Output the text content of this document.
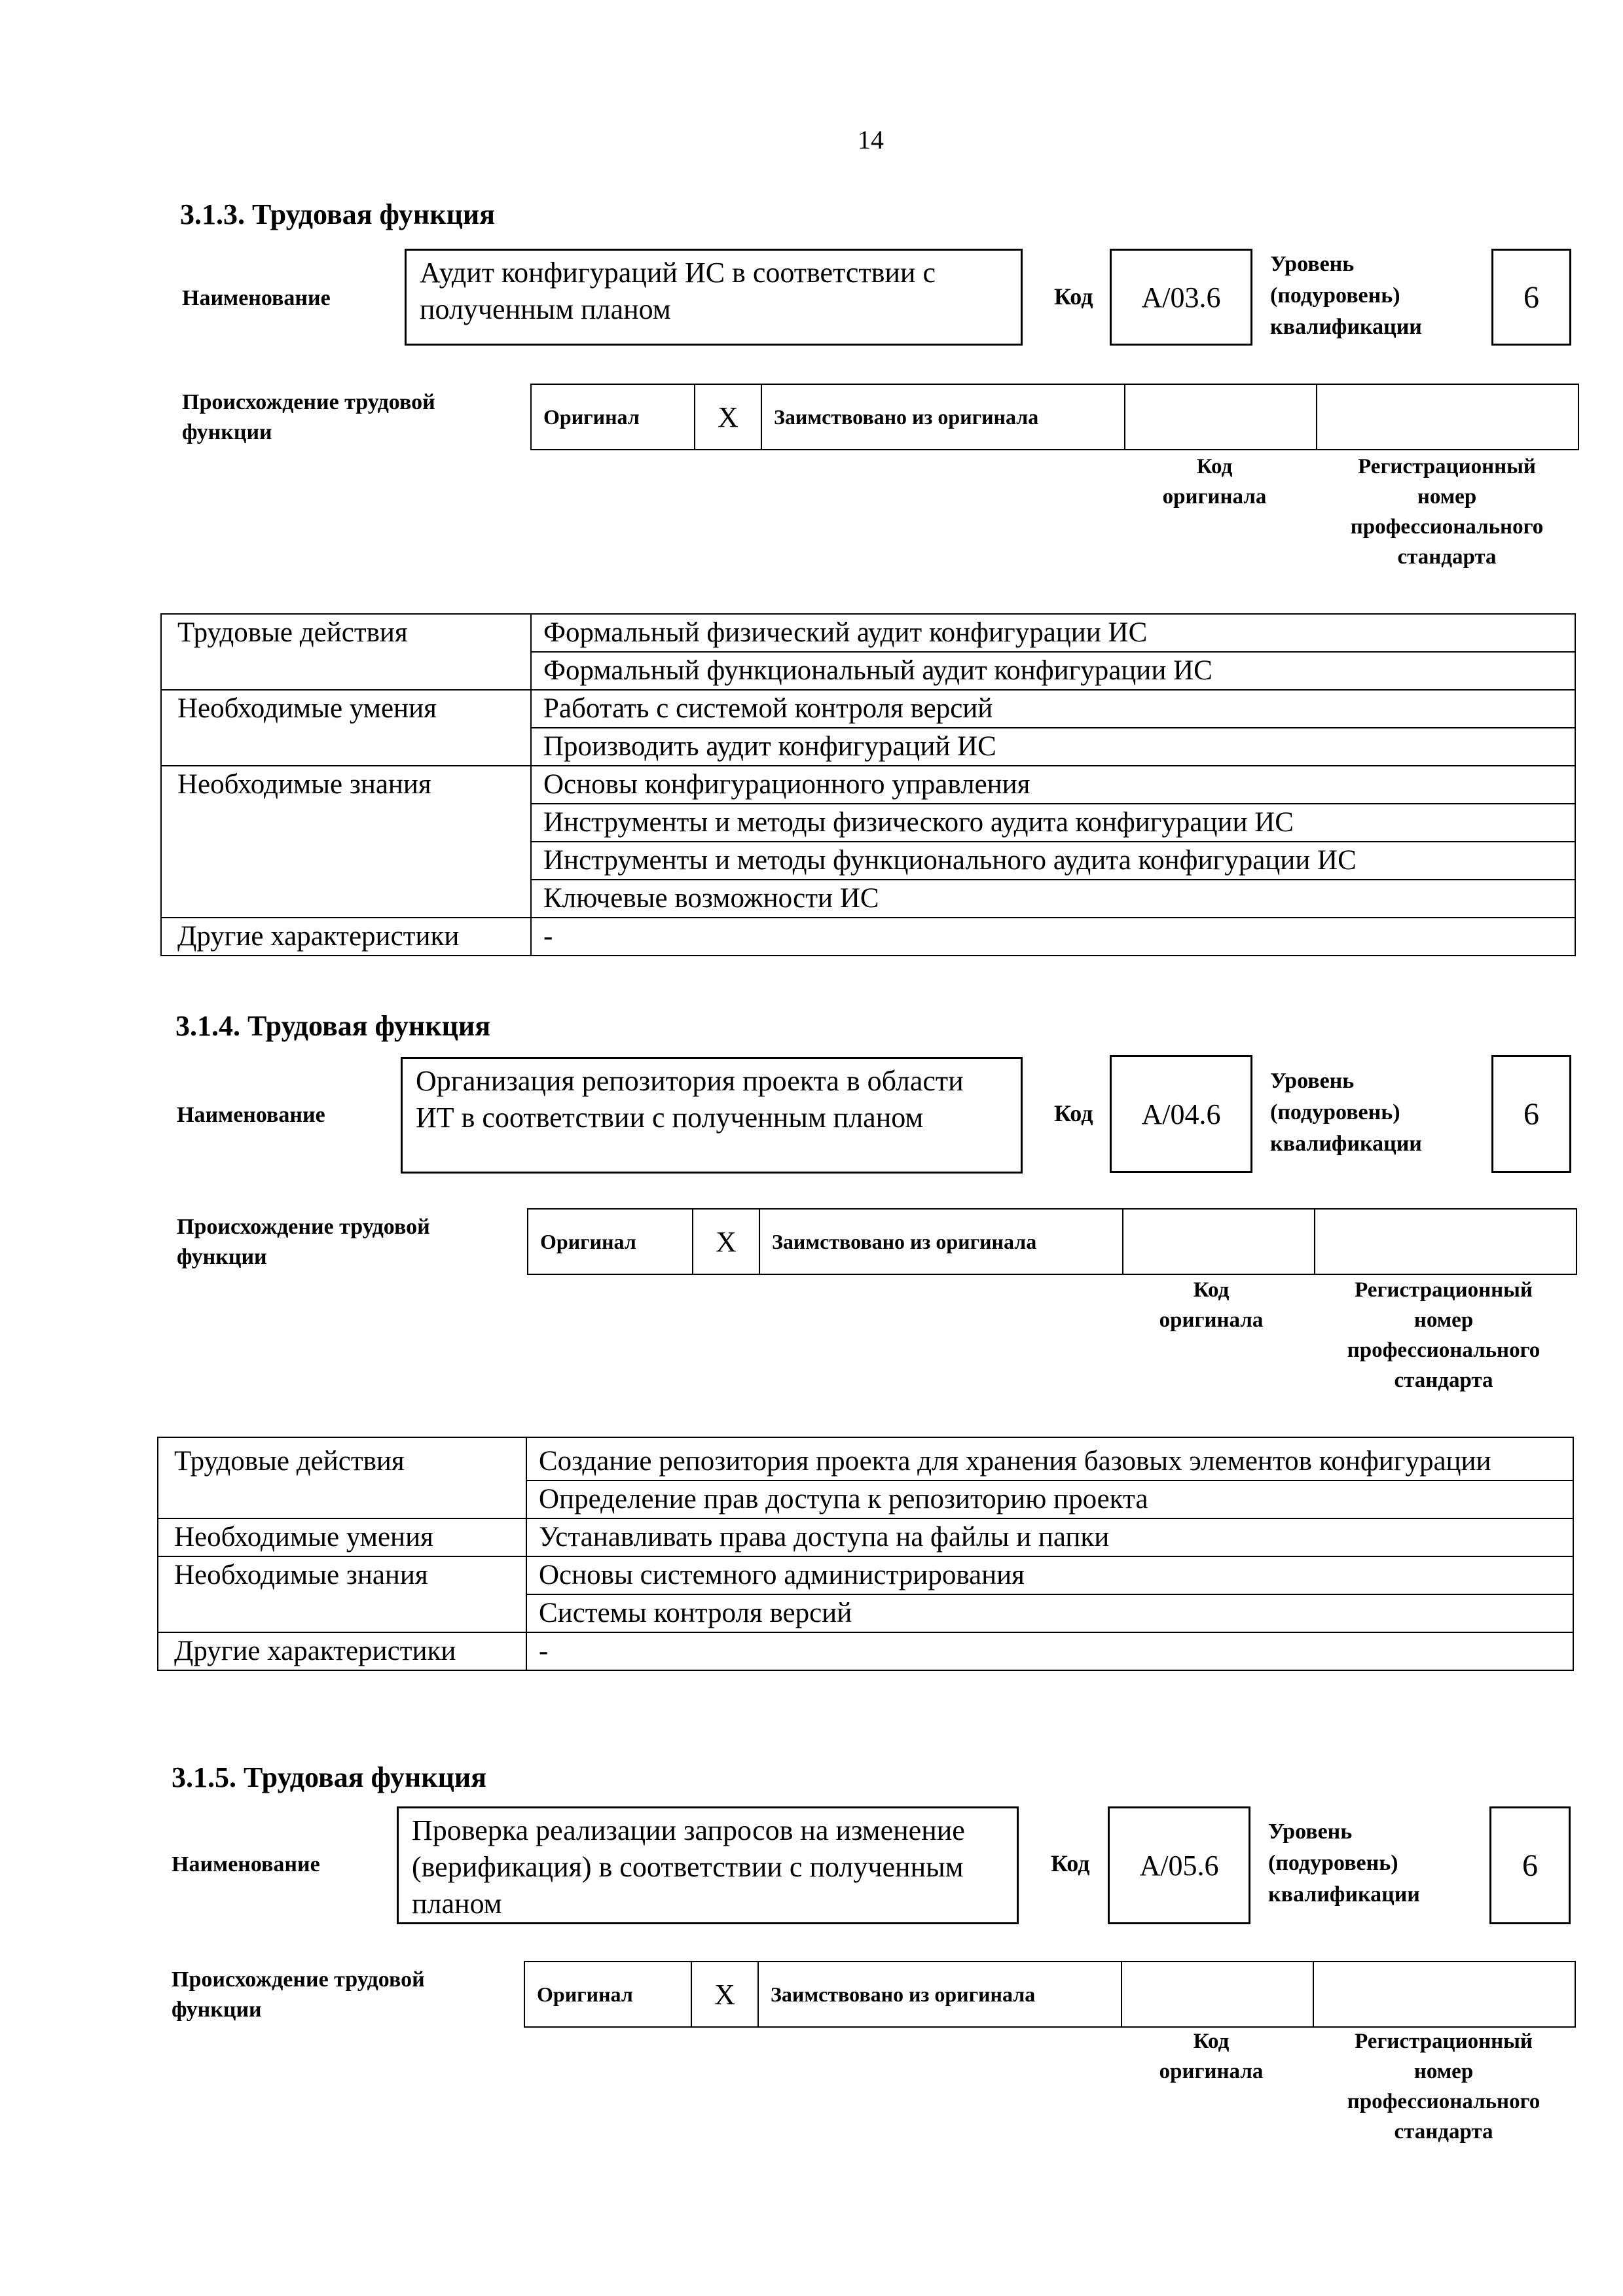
14
3.1.3. Трудовая функция
Наименование
Аудит конфигураций ИС в соответствии с полученным планом	Код	A/03.6
Уровень
(подуровень)
квалификации
6
Происхождение трудовой
функции
Оригинал	X	Заимствовано из оригинала		
Код
оригинала
Регистрационный
номер
профессионального
стандарта
Трудовые действия	Формальный физический аудит конфигурации ИС
	Формальный функциональный аудит конфигурации ИС
Необходимые умения	Работать с системой контроля версий
	Производить аудит конфигураций ИС
Необходимые знания	Основы конфигурационного управления
	Инструменты и методы физического аудита конфигурации ИС
	Инструменты и методы функционального аудита конфигурации ИС
	Ключевые возможности ИС
Другие характеристики	-
3.1.4. Трудовая функция
Наименование
Организация репозитория проекта в области ИТ в соответствии с полученным планом	Код	A/04.6
Уровень
(подуровень)
квалификации
6
Происхождение трудовой
функции
Оригинал	X	Заимствовано из оригинала		
Код
оригинала
Регистрационный
номер
профессионального
стандарта
Трудовые действия	Создание репозитория проекта для хранения базовых элементов конфигурации
	Определение прав доступа к репозиторию проекта
Необходимые умения	Устанавливать права доступа на файлы и папки
Необходимые знания	Основы системного администрирования
	Системы контроля версий
Другие характеристики	-
3.1.5. Трудовая функция
Наименование
Проверка реализации запросов на изменение (верификация) в соответствии с полученным планом
Код	A/05.6
Уровень
(подуровень)
квалификации
6
Происхождение трудовой
функции
Оригинал	X	Заимствовано из оригинала		
Код
оригинала
Регистрационный
номер
профессионального
стандарта
